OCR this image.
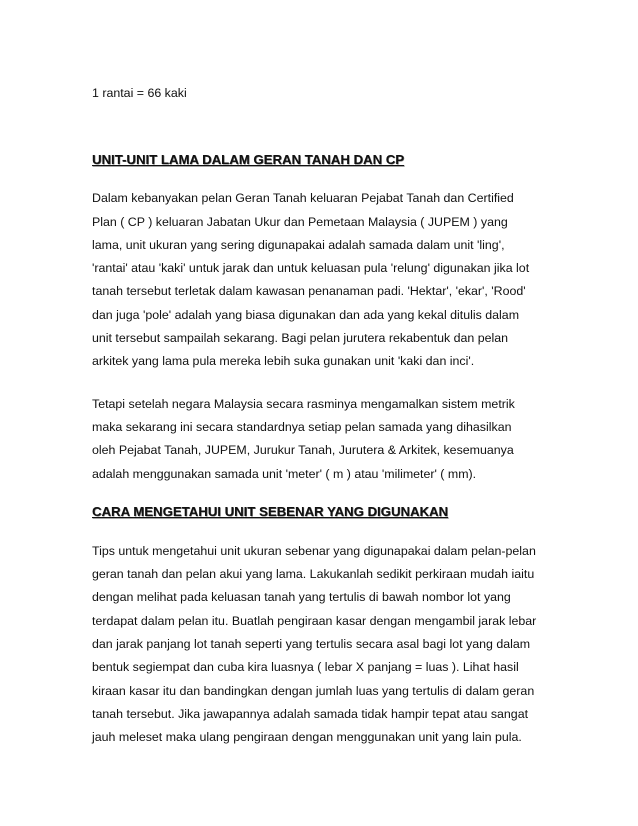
1 rantai = 66 kaki
UNIT-UNIT LAMA DALAM GERAN TANAH DAN CP
Dalam kebanyakan pelan Geran Tanah keluaran Pejabat Tanah dan Certified
Plan ( CP ) keluaran Jabatan Ukur dan Pemetaan Malaysia ( JUPEM ) yang
lama, unit ukuran yang sering digunapakai adalah samada dalam unit 'ling',
'rantai' atau 'kaki' untuk jarak dan untuk keluasan pula 'relung' digunakan jika lot
tanah tersebut terletak dalam kawasan penanaman padi. 'Hektar', 'ekar', 'Rood'
dan juga 'pole' adalah yang biasa digunakan dan ada yang kekal ditulis dalam
unit tersebut sampailah sekarang. Bagi pelan jurutera rekabentuk dan pelan
arkitek yang lama pula mereka lebih suka gunakan unit 'kaki dan inci'.
Tetapi setelah negara Malaysia secara rasminya mengamalkan sistem metrik
maka sekarang ini secara standardnya setiap pelan samada yang dihasilkan
oleh Pejabat Tanah, JUPEM, Jurukur Tanah, Jurutera & Arkitek, kesemuanya
adalah menggunakan samada unit 'meter' ( m ) atau 'milimeter' ( mm).
CARA MENGETAHUI UNIT SEBENAR YANG DIGUNAKAN
Tips untuk mengetahui unit ukuran sebenar yang digunapakai dalam pelan-pelan
geran tanah dan pelan akui yang lama. Lakukanlah sedikit perkiraan mudah iaitu
dengan melihat pada keluasan tanah yang tertulis di bawah nombor lot yang
terdapat dalam pelan itu. Buatlah pengiraan kasar dengan mengambil jarak lebar
dan jarak panjang lot tanah seperti yang tertulis secara asal bagi lot yang dalam
bentuk segiempat dan cuba kira luasnya ( lebar X panjang = luas ). Lihat hasil
kiraan kasar itu dan bandingkan dengan jumlah luas yang tertulis di dalam geran
tanah tersebut. Jika jawapannya adalah samada tidak hampir tepat atau sangat
jauh meleset maka ulang pengiraan dengan menggunakan unit yang lain pula.
